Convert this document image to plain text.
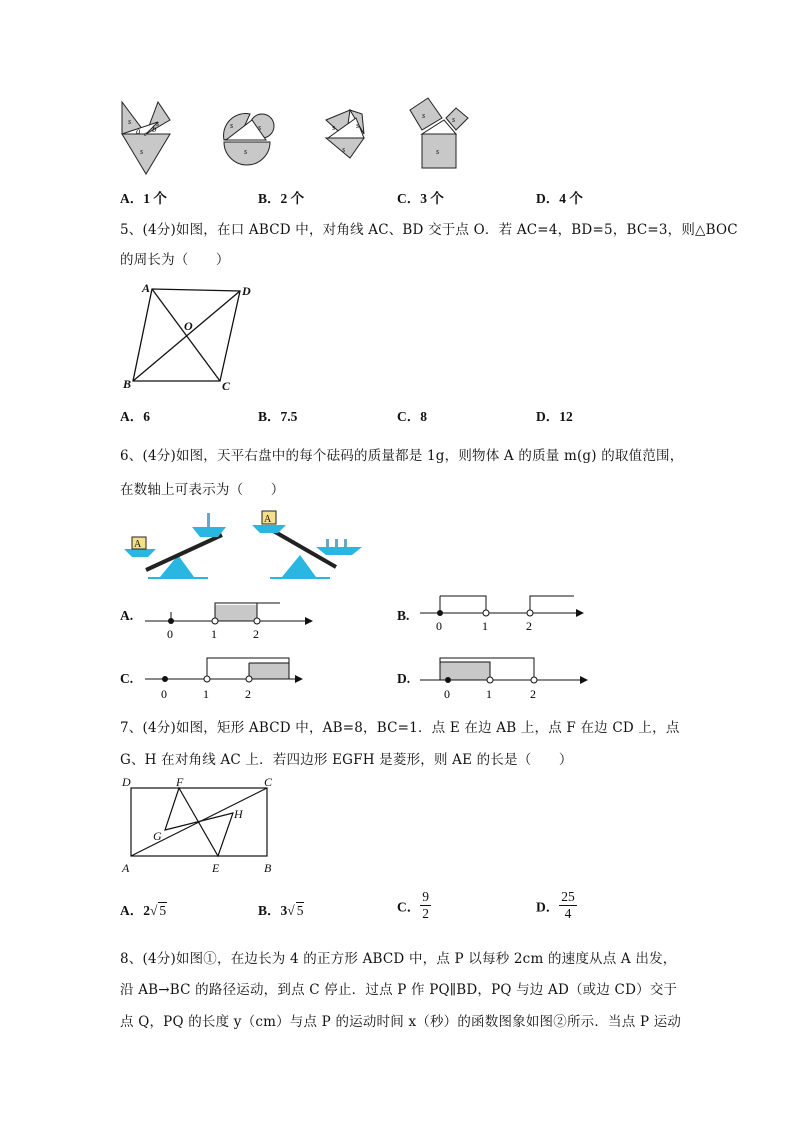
s	s
s
a c b	s	s
s
s	s
s
s	s
s
A．1 个	B．2 个	C．3 个	D．4 个
5、(4分)如图，在口 ABCD 中，对角线 AC、BD 交于点 O．若 AC=4，BD=5，BC=3，则△BOC
的周长为（　　）
A	D
B	C
O
A．6	B．7.5	C．8	D．12
6、(4分)如图，天平右盘中的每个砝码的质量都是 1g，则物体 A 的质量 m(g) 的取值范围，
在数轴上可表示为（　　）
A
A
A.
0	1	2
B.
0	1	2
C.
0	1	2
D.
0	1	2
7、(4分)如图，矩形 ABCD 中，AB=8，BC=1．点 E 在边 AB 上，点 F 在边 CD 上，点
G、H 在对角线 AC 上．若四边形 EGFH 是菱形，则 AE 的长是（　　）
D	F	C
H
G
A	E	B
A．2√ 5	B．3√ 5	C． $\frac{9}{2}$	D． $\frac{25}{4}$
8、(4分)如图①，在边长为 4 的正方形 ABCD 中，点 P 以每秒 2cm 的速度从点 A 出发，
沿 AB→BC 的路径运动，到点 C 停止．过点 P 作 PQ∥BD，PQ 与边 AD（或边 CD）交于
点 Q，PQ 的长度 y（cm）与点 P 的运动时间 x（秒）的函数图象如图②所示．当点 P 运动
